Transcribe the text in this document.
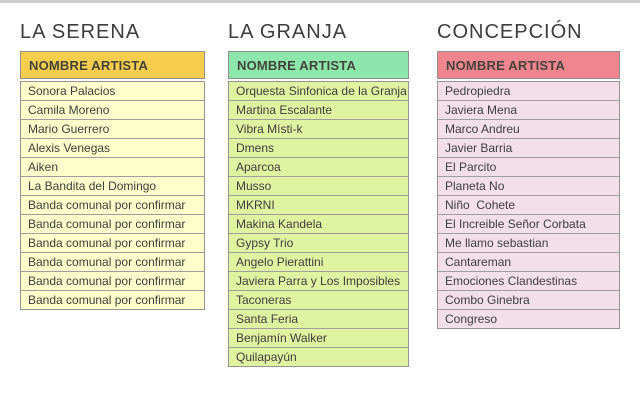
LA SERENA
NOMBRE ARTISTA
Sonora Palacios
Camila Moreno
Mario Guerrero
Alexis Venegas
Aiken
La Bandita del Domingo
Banda comunal por confirmar
Banda comunal por confirmar
Banda comunal por confirmar
Banda comunal por confirmar
Banda comunal por confirmar
Banda comunal por confirmar
LA GRANJA
NOMBRE ARTISTA
Orquesta Sinfonica de la Granja
Martina Escalante
Vibra Místi-k
Dmens
Aparcoa
Musso
MKRNI
Makina Kandela
Gypsy Trio
Angelo Pierattini
Javiera Parra y Los Imposibles
Taconeras
Santa Feria
Benjamín Walker
Quilapayún
CONCEPCIÓN
NOMBRE ARTISTA
Pedropiedra
Javiera Mena
Marco Andreu
Javier Barria
El Parcito
Planeta No
Niño  Cohete
El Increible Señor Corbata
Me llamo sebastian
Cantareman
Emociones Clandestinas
Combo Ginebra
Congreso
